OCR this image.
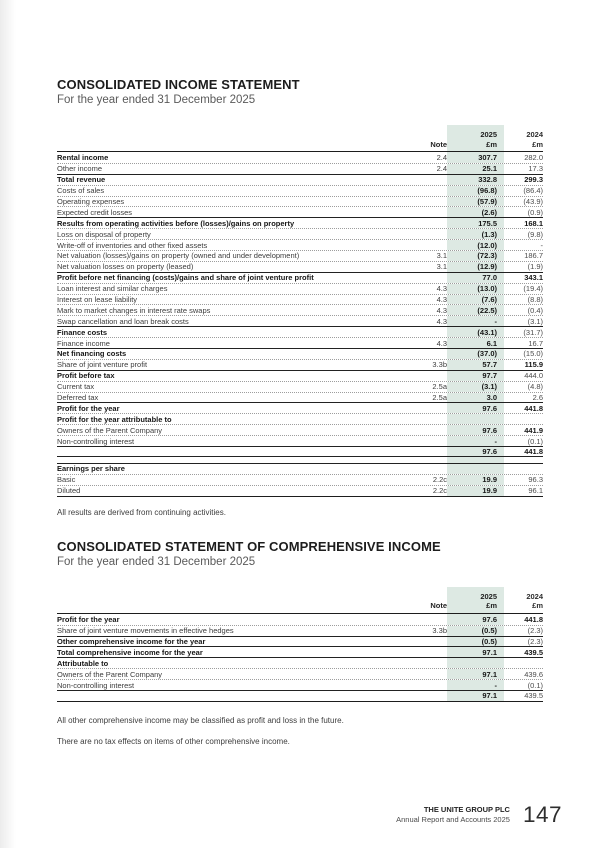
CONSOLIDATED INCOME STATEMENT
For the year ended 31 December 2025
Note
2025
£m
2024
£m
Rental income	2.4	307.7	282.0
Other income	2.4	25.1	17.3
Total revenue	332.8	299.3
Costs of sales	(96.8)	(86.4)
Operating expenses	(57.9)	(43.9)
Expected credit losses	(2.6)	(0.9)
Results from operating activities before (losses)/gains on property	175.5	168.1
Loss on disposal of property	(1.3)	(9.8)
Write-off of inventories and other fixed assets	(12.0)	-
Net valuation (losses)/gains on property (owned and under development)	3.1	(72.3)	186.7
Net valuation losses on property (leased)	3.1	(12.9)	(1.9)
Profit before net financing (costs)/gains and share of joint venture profit	77.0	343.1
Loan interest and similar charges	4.3	(13.0)	(19.4)
Interest on lease liability	4.3	(7.6)	(8.8)
Mark to market changes in interest rate swaps	4.3	(22.5)	(0.4)
Swap cancellation and loan break costs	4.3	-	(3.1)
Finance costs	(43.1)	(31.7)
Finance income	4.3	6.1	16.7
Net financing costs	(37.0)	(15.0)
Share of joint venture profit	3.3b	57.7	115.9
Profit before tax	97.7	444.0
Current tax	2.5a	(3.1)	(4.8)
Deferred tax	2.5a	3.0	2.6
Profit for the year	97.6	441.8
Profit for the year attributable to
Owners of the Parent Company	97.6	441.9
Non-controlling interest	-	(0.1)
97.6	441.8
Earnings per share
Basic	2.2c	19.9	96.3
Diluted	2.2c	19.9	96.1

All results are derived from continuing activities.

CONSOLIDATED STATEMENT OF COMPREHENSIVE INCOME
For the year ended 31 December 2025
Note
2025
£m
2024
£m
Profit for the year	97.6	441.8
Share of joint venture movements in effective hedges	3.3b	(0.5)	(2.3)
Other comprehensive income for the year	(0.5)	(2.3)
Total comprehensive income for the year	97.1	439.5
Attributable to
Owners of the Parent Company	97.1	439.6
Non-controlling interest	-	(0.1)
97.1	439.5

All other comprehensive income may be classified as profit and loss in the future.

There are no tax effects on items of other comprehensive income.

THE UNITE GROUP PLC
Annual Report and Accounts 2025 147
